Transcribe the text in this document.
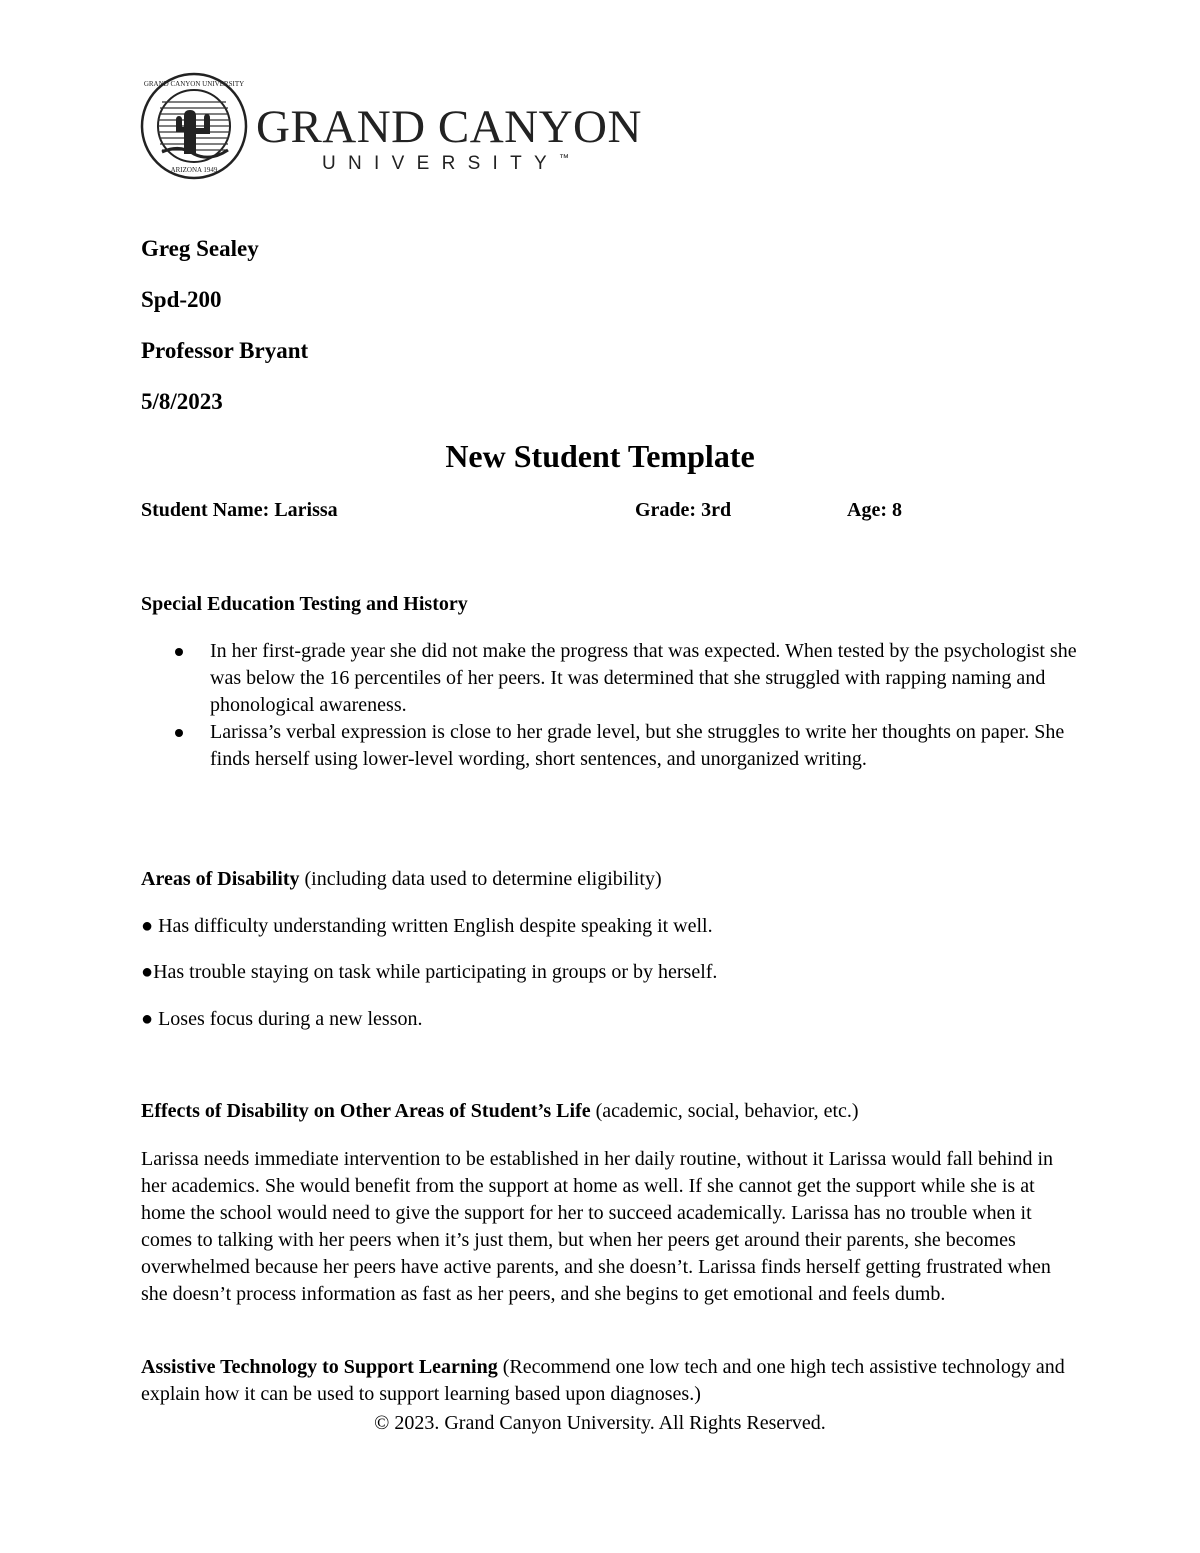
GRAND CANYON UNIVERSITY
ARIZONA 1949
GRAND CANYON
UNIVERSITY™
Greg Sealey
Spd-200
Professor Bryant
5/8/2023
New Student Template
Student Name: Larissa	Grade: 3rd	Age: 8
Special Education Testing and History
In her first-grade year she did not make the progress that was expected. When tested by the psychologist she was below the 16 percentiles of her peers. It was determined that she struggled with rapping naming and phonological awareness.
Larissa’s verbal expression is close to her grade level, but she struggles to write her thoughts on paper. She finds herself using lower-level wording, short sentences, and unorganized writing.
Areas of Disability (including data used to determine eligibility)
● Has difficulty understanding written English despite speaking it well.
●Has trouble staying on task while participating in groups or by herself.
● Loses focus during a new lesson.
Effects of Disability on Other Areas of Student’s Life (academic, social, behavior, etc.)
Larissa needs immediate intervention to be established in her daily routine, without it Larissa would fall behind in her academics. She would benefit from the support at home as well. If she cannot get the support while she is at home the school would need to give the support for her to succeed academically. Larissa has no trouble when it comes to talking with her peers when it’s just them, but when her peers get around their parents, she becomes overwhelmed because her peers have active parents, and she doesn’t. Larissa finds herself getting frustrated when she doesn’t process information as fast as her peers, and she begins to get emotional and feels dumb.
Assistive Technology to Support Learning (Recommend one low tech and one high tech assistive technology and explain how it can be used to support learning based upon diagnoses.)
© 2023. Grand Canyon University. All Rights Reserved.
